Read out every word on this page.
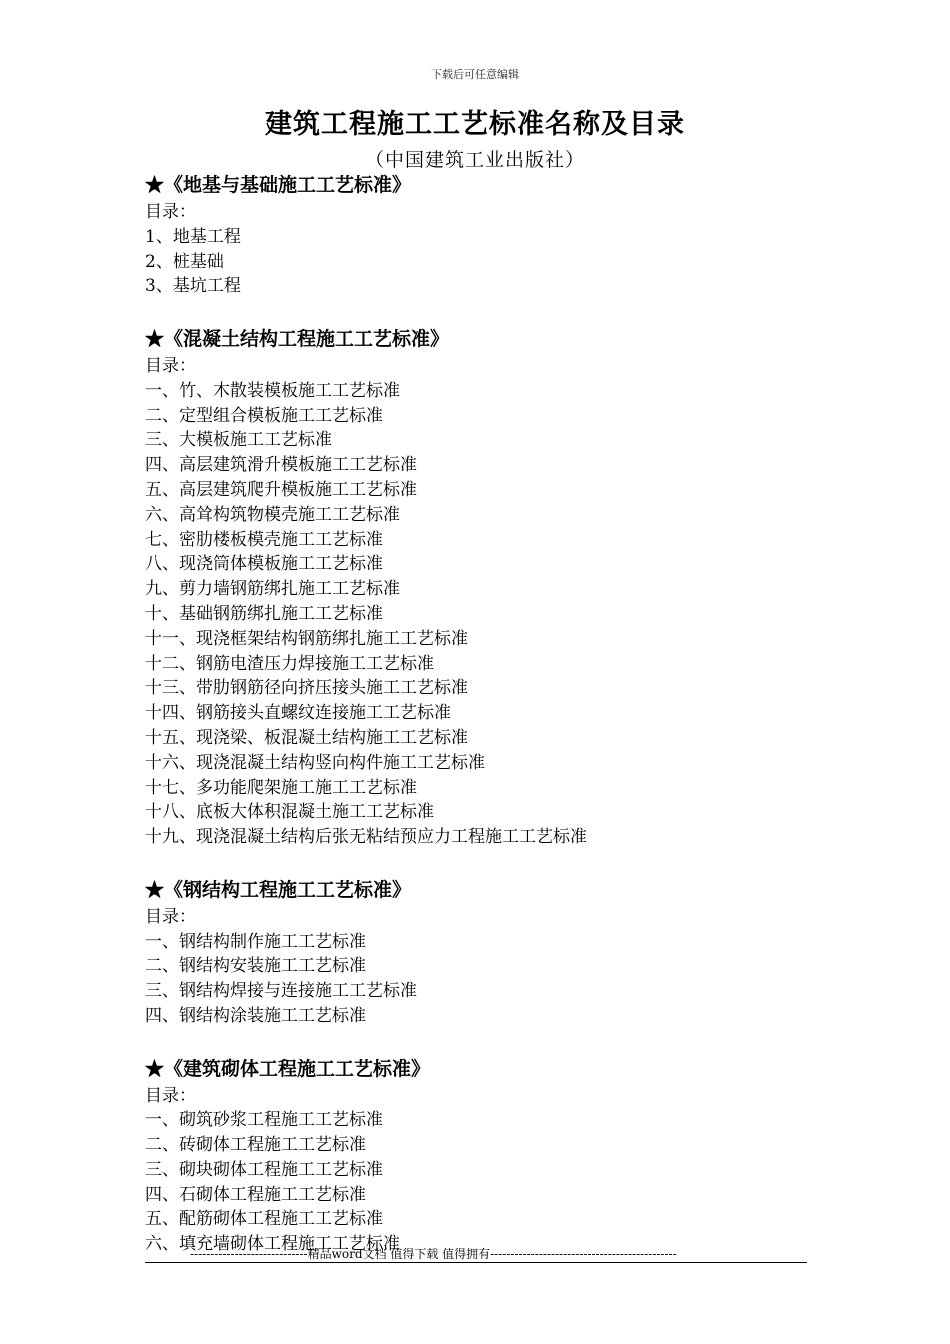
下载后可任意编辑
建筑工程施工工艺标准名称及目录
（中国建筑工业出版社）
★《地基与基础施工工艺标准》
目录：
1、地基工程
2、桩基础
3、基坑工程
★《混凝土结构工程施工工艺标准》
目录：
一、竹、木散装模板施工工艺标准
二、定型组合模板施工工艺标准
三、大模板施工工艺标准
四、高层建筑滑升模板施工工艺标准
五、高层建筑爬升模板施工工艺标准
六、高耸构筑物模壳施工工艺标准
七、密肋楼板模壳施工工艺标准
八、现浇筒体模板施工工艺标准
九、剪力墙钢筋绑扎施工工艺标准
十、基础钢筋绑扎施工工艺标准
十一、现浇框架结构钢筋绑扎施工工艺标准
十二、钢筋电渣压力焊接施工工艺标准
十三、带肋钢筋径向挤压接头施工工艺标准
十四、钢筋接头直螺纹连接施工工艺标准
十五、现浇梁、板混凝土结构施工工艺标准
十六、现浇混凝土结构竖向构件施工工艺标准
十七、多功能爬架施工施工工艺标准
十八、底板大体积混凝土施工工艺标准
十九、现浇混凝土结构后张无粘结预应力工程施工工艺标准
★《钢结构工程施工工艺标准》
目录：
一、钢结构制作施工工艺标准
二、钢结构安装施工工艺标准
三、钢结构焊接与连接施工工艺标准
四、钢结构涂装施工工艺标准
★《建筑砌体工程施工工艺标准》
目录：
一、砌筑砂浆工程施工工艺标准
二、砖砌体工程施工工艺标准
三、砌块砌体工程施工工艺标准
四、石砌体工程施工工艺标准
五、配筋砌体工程施工工艺标准
六、填充墙砌体工程施工工艺标准
-----------------------------精品word文档 值得下载 值得拥有----------------------------------------------
